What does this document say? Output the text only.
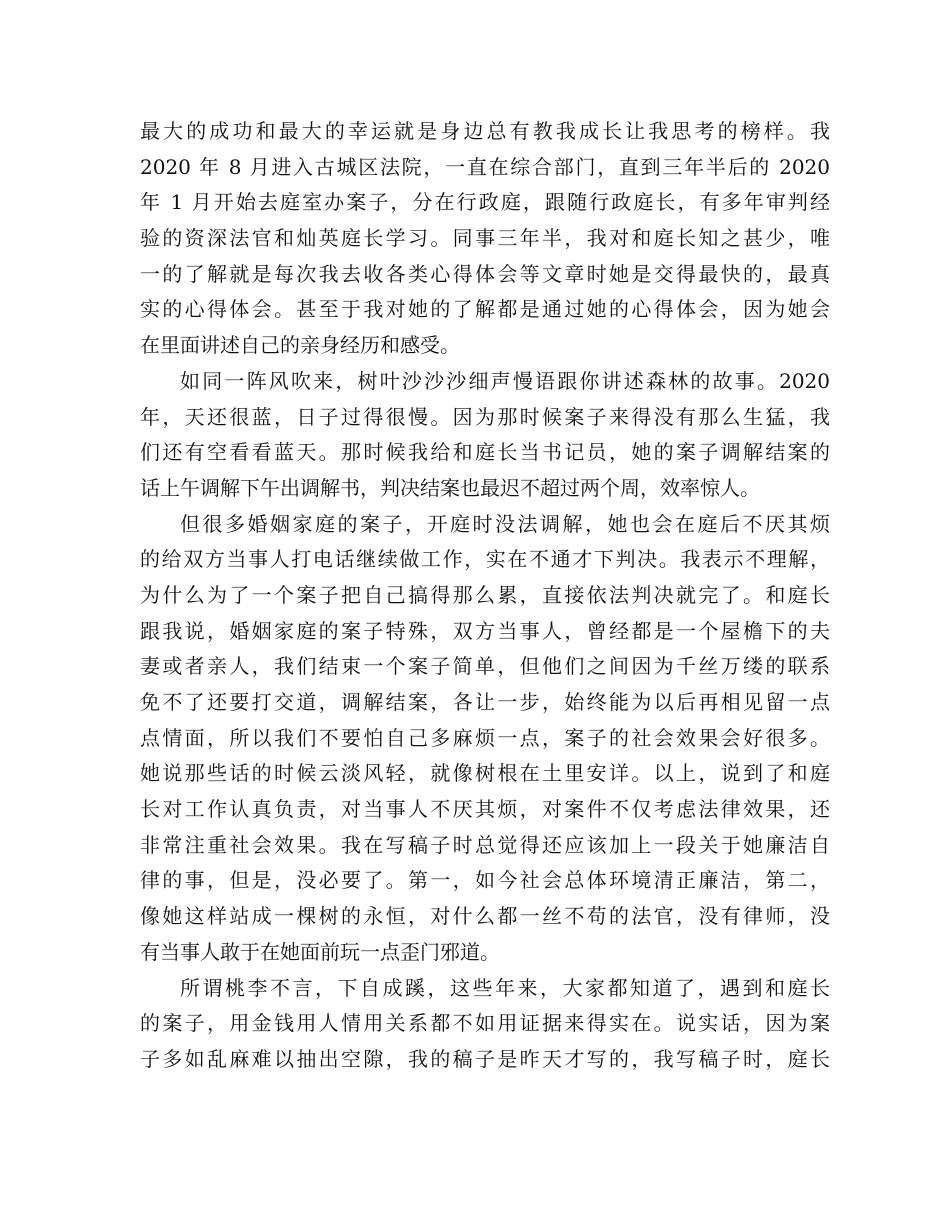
最大的成功和最大的幸运就是身边总有教我成长让我思考的榜样。我
2020 年 8 月进入古城区法院，一直在综合部门，直到三年半后的 2020
年 1 月开始去庭室办案子，分在行政庭，跟随行政庭长，有多年审判经
验的资深法官和灿英庭长学习。同事三年半，我对和庭长知之甚少，唯
一的了解就是每次我去收各类心得体会等文章时她是交得最快的，最真
实的心得体会。甚至于我对她的了解都是通过她的心得体会，因为她会
在里面讲述自己的亲身经历和感受。
如同一阵风吹来，树叶沙沙沙细声慢语跟你讲述森林的故事。2020
年，天还很蓝，日子过得很慢。因为那时候案子来得没有那么生猛，我
们还有空看看蓝天。那时候我给和庭长当书记员，她的案子调解结案的
话上午调解下午出调解书，判决结案也最迟不超过两个周，效率惊人。
但很多婚姻家庭的案子，开庭时没法调解，她也会在庭后不厌其烦
的给双方当事人打电话继续做工作，实在不通才下判决。我表示不理解，
为什么为了一个案子把自己搞得那么累，直接依法判决就完了。和庭长
跟我说，婚姻家庭的案子特殊，双方当事人，曾经都是一个屋檐下的夫
妻或者亲人，我们结束一个案子简单，但他们之间因为千丝万缕的联系
免不了还要打交道，调解结案，各让一步，始终能为以后再相见留一点
点情面，所以我们不要怕自己多麻烦一点，案子的社会效果会好很多。
她说那些话的时候云淡风轻，就像树根在土里安详。以上，说到了和庭
长对工作认真负责，对当事人不厌其烦，对案件不仅考虑法律效果，还
非常注重社会效果。我在写稿子时总觉得还应该加上一段关于她廉洁自
律的事，但是，没必要了。第一，如今社会总体环境清正廉洁，第二，
像她这样站成一棵树的永恒，对什么都一丝不苟的法官，没有律师，没
有当事人敢于在她面前玩一点歪门邪道。
所谓桃李不言，下自成蹊，这些年来，大家都知道了，遇到和庭长
的案子，用金钱用人情用关系都不如用证据来得实在。说实话，因为案
子多如乱麻难以抽出空隙，我的稿子是昨天才写的，我写稿子时，庭长
